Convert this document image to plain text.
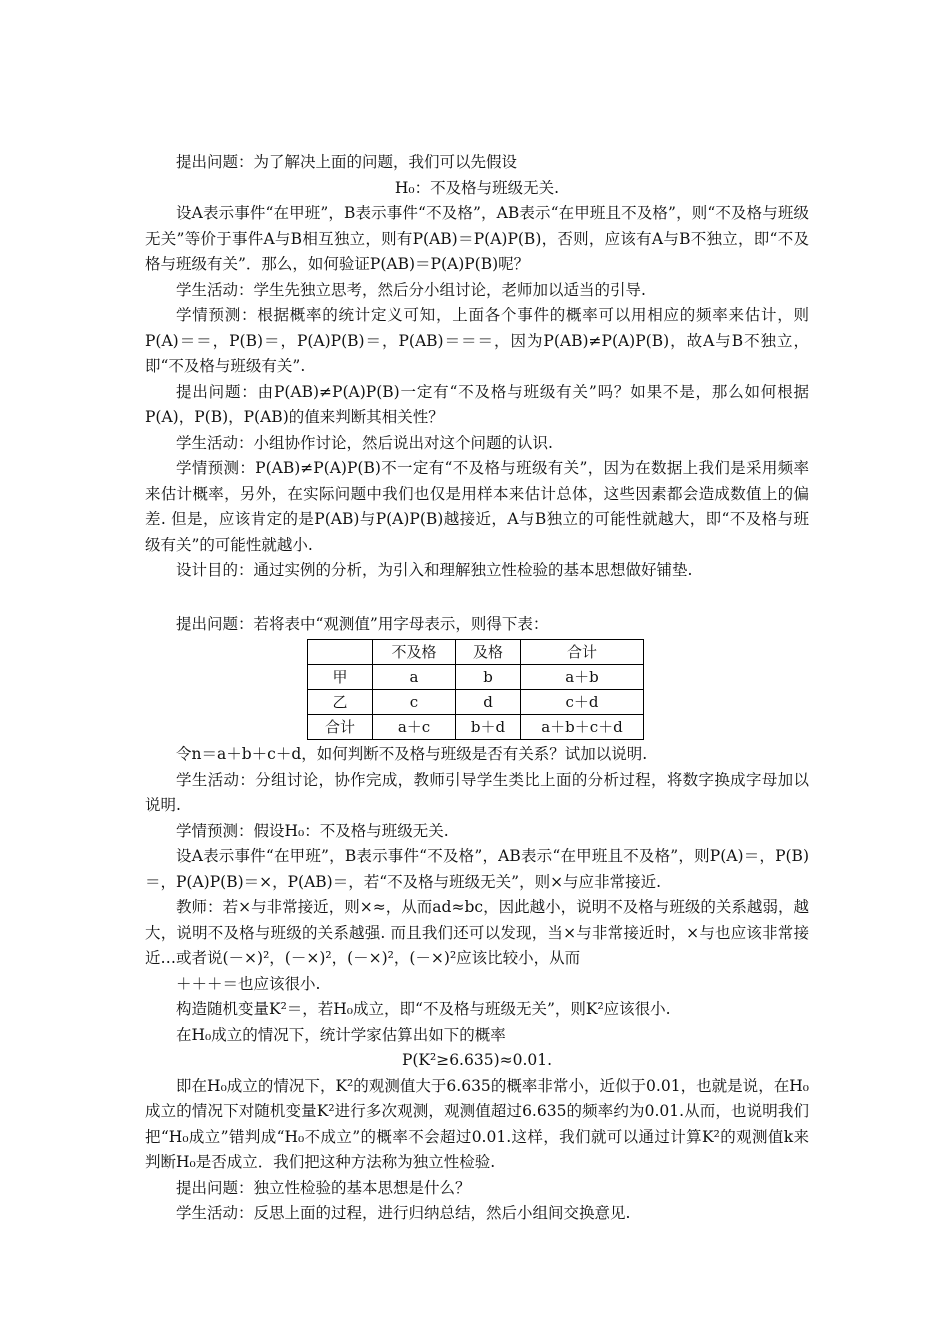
提出问题：为了解决上面的问题，我们可以先假设

H₀：不及格与班级无关.

设A表示事件“在甲班”，B表示事件“不及格”，AB表示“在甲班且不及格”，则“不及格与班级无关”等价于事件A与B相互独立，则有P(AB)＝P(A)P(B)，否则，应该有A与B不独立，即“不及格与班级有关”．那么，如何验证P(AB)＝P(A)P(B)呢？

学生活动：学生先独立思考，然后分小组讨论，老师加以适当的引导.

学情预测：根据概率的统计定义可知，上面各个事件的概率可以用相应的频率来估计，则P(A)＝＝，P(B)＝，P(A)P(B)＝，P(AB)＝＝＝，因为P(AB)≠P(A)P(B)，故A与B不独立，即“不及格与班级有关”.

提出问题：由P(AB)≠P(A)P(B)一定有“不及格与班级有关”吗？如果不是，那么如何根据P(A)，P(B)，P(AB)的值来判断其相关性？

学生活动：小组协作讨论，然后说出对这个问题的认识.

学情预测：P(AB)≠P(A)P(B)不一定有“不及格与班级有关”，因为在数据上我们是采用频率来估计概率，另外，在实际问题中我们也仅是用样本来估计总体，这些因素都会造成数值上的偏差. 但是，应该肯定的是P(AB)与P(A)P(B)越接近，A与B独立的可能性就越大，即“不及格与班级有关”的可能性就越小.

设计目的：通过实例的分析，为引入和理解独立性检验的基本思想做好铺垫.

提出问题：若将表中“观测值”用字母表示，则得下表：

	不及格	及格	合计
甲	a	b	a＋b
乙	c	d	c＋d
合计	a＋c	b＋d	a＋b＋c＋d

令n＝a＋b＋c＋d，如何判断不及格与班级是否有关系？试加以说明.

学生活动：分组讨论，协作完成，教师引导学生类比上面的分析过程，将数字换成字母加以说明.

学情预测：假设H₀：不及格与班级无关.

设A表示事件“在甲班”，B表示事件“不及格”，AB表示“在甲班且不及格”，则P(A)＝，P(B)＝，P(A)P(B)＝×，P(AB)＝，若“不及格与班级无关”，则×与应非常接近.

教师：若×与非常接近，则×≈，从而ad≈bc，因此越小，说明不及格与班级的关系越弱，越大，说明不及格与班级的关系越强. 而且我们还可以发现，当×与非常接近时，×与也应该非常接近…或者说(－×)²，(－×)²，(－×)²，(－×)²应该比较小，从而

＋＋＋＝也应该很小.

构造随机变量K²＝，若H₀成立，即“不及格与班级无关”，则K²应该很小.

在H₀成立的情况下，统计学家估算出如下的概率

P(K²≥6.635)≈0.01.

即在H₀成立的情况下，K²的观测值大于6.635的概率非常小，近似于0.01，也就是说，在H₀成立的情况下对随机变量K²进行多次观测，观测值超过6.635的频率约为0.01.从而，也说明我们把“H₀成立”错判成“H₀不成立”的概率不会超过0.01.这样，我们就可以通过计算K²的观测值k来判断H₀是否成立．我们把这种方法称为独立性检验.

提出问题：独立性检验的基本思想是什么？

学生活动：反思上面的过程，进行归纳总结，然后小组间交换意见.
